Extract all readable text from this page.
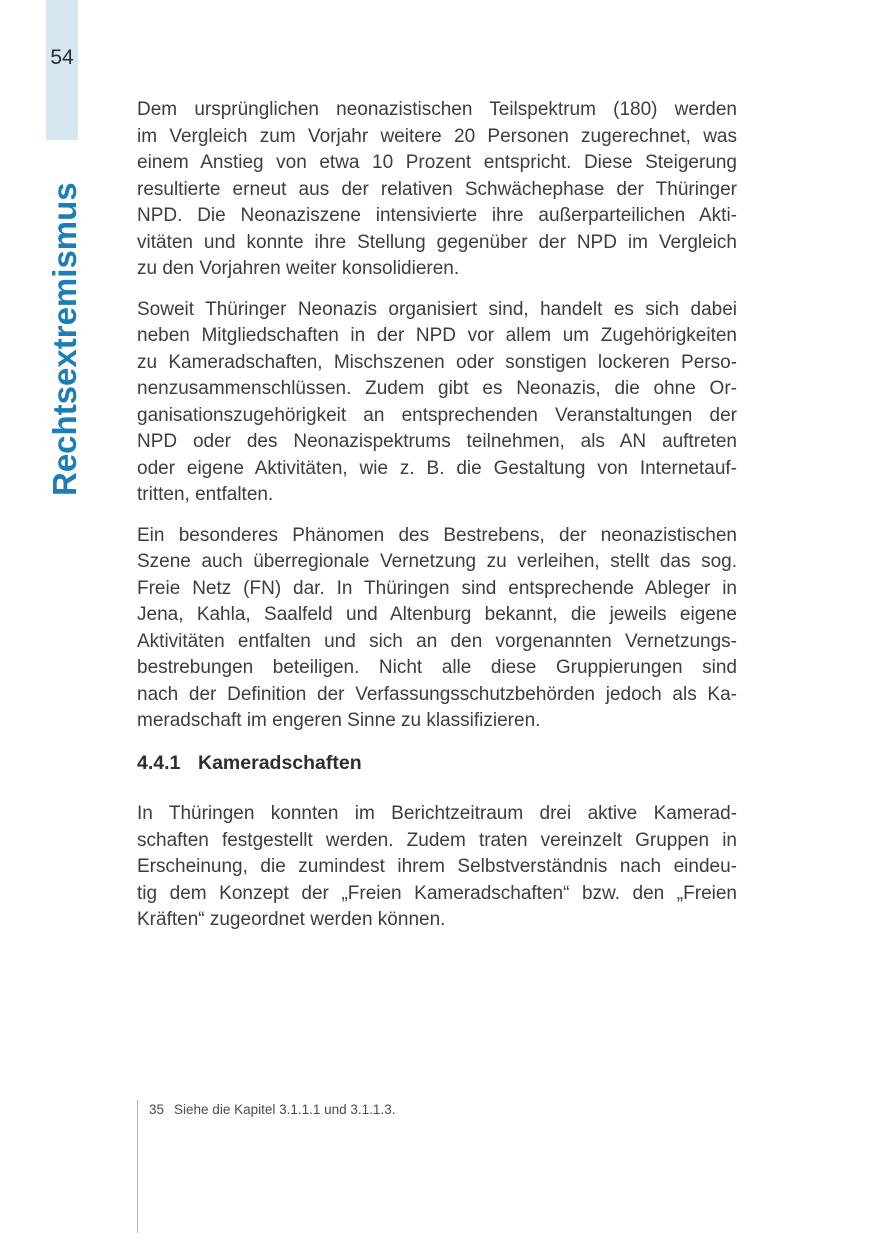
54
Rechtsextremismus
Dem ursprünglichen neonazistischen Teilspektrum (180) werden
im Vergleich zum Vorjahr weitere 20 Personen zugerechnet, was
einem Anstieg von etwa 10 Prozent entspricht. Diese Steigerung
resultierte erneut aus der relativen Schwächephase der Thüringer
NPD. Die Neonaziszene intensivierte ihre außerparteilichen Akti-
vitäten und konnte ihre Stellung gegenüber der NPD im Vergleich
zu den Vorjahren weiter konsolidieren.
Soweit Thüringer Neonazis organisiert sind, handelt es sich dabei
neben Mitgliedschaften in der NPD vor allem um Zugehörigkeiten
zu Kameradschaften, Mischszenen oder sonstigen lockeren Perso-
nenzusammenschlüssen. Zudem gibt es Neonazis, die ohne Or-
ganisationszugehörigkeit an entsprechenden Veranstaltungen der
NPD oder des Neonazispektrums teilnehmen, als AN auftreten
oder eigene Aktivitäten, wie z. B. die Gestaltung von Internetauf-
tritten, entfalten.
Ein besonderes Phänomen des Bestrebens, der neonazistischen
Szene auch überregionale Vernetzung zu verleihen, stellt das sog.
Freie Netz (FN) dar. In Thüringen sind entsprechende Ableger in
Jena, Kahla, Saalfeld und Altenburg bekannt, die jeweils eigene
Aktivitäten entfalten und sich an den vorgenannten Vernetzungs-
bestrebungen beteiligen. Nicht alle diese Gruppierungen sind
nach der Definition der Verfassungsschutzbehörden jedoch als Ka-
meradschaft im engeren Sinne zu klassifizieren.
4.4.1 Kameradschaften
In Thüringen konnten im Berichtzeitraum drei aktive Kamerad-
schaften festgestellt werden. Zudem traten vereinzelt Gruppen in
Erscheinung, die zumindest ihrem Selbstverständnis nach eindeu-
tig dem Konzept der „Freien Kameradschaften“ bzw. den „Freien
Kräften“ zugeordnet werden können.
35 Siehe die Kapitel 3.1.1.1 und 3.1.1.3.
